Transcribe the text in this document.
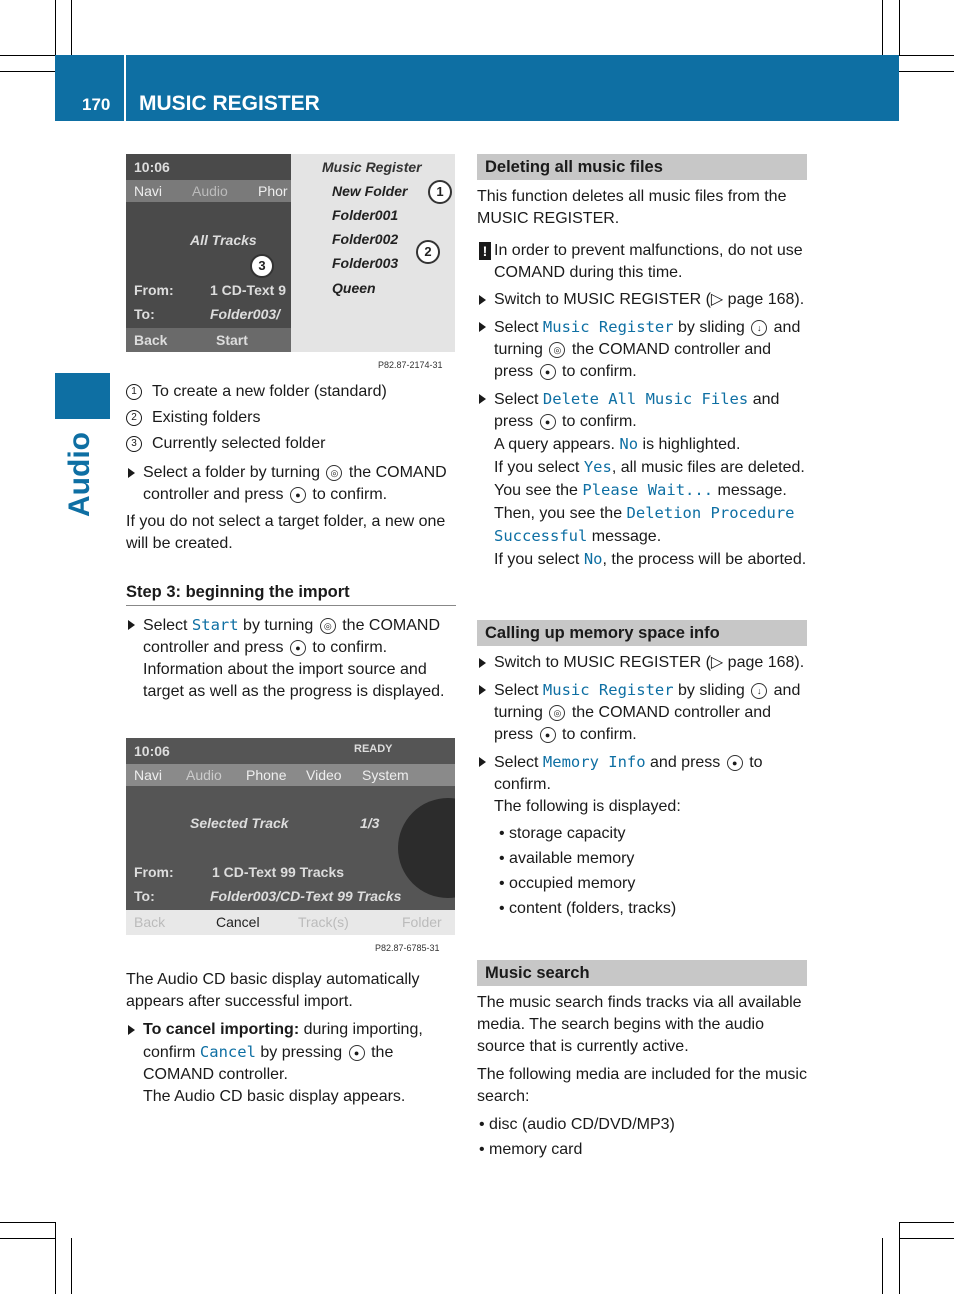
170 MUSIC REGISTER
Audio
10:06
Navi Audio Phor
All Tracks
From:	1 CD-Text 9
To:	Folder003/
Back	Start
Music Register
New Folder
Folder001
Folder002
Folder003
Queen
1
2
3
P82.87-2174-31
1 To create a new folder (standard)
2 Existing folders
3 Currently selected folder
Select a folder by turning ◎ the COMAND controller and press ● to confirm.

If you do not select a target folder, a new one will be created.

Step 3: beginning the import
Select Start by turning ◎ the COMAND controller and press ● to confirm.
Information about the import source and target as well as the progress is displayed.
10:06	READY
Navi Audio Phone Video System
Selected Track	1/3
From:	1 CD-Text 99 Tracks
To:	Folder003/CD-Text 99 Tracks
Back	Cancel	Track(s)	Folder
P82.87-6785-31

The Audio CD basic display automatically appears after successful import.

To cancel importing: during importing, confirm Cancel by pressing ● the COMAND controller.
The Audio CD basic display appears.
Deleting all music files

This function deletes all music files from the MUSIC REGISTER.

! In order to prevent malfunctions, do not use COMAND during this time.
Switch to MUSIC REGISTER (▷ page 168).
Select Music Register by sliding ↓ and turning ◎ the COMAND controller and press ● to confirm.
Select Delete All Music Files and press ● to confirm.
A query appears. No is highlighted.
If you select Yes, all music files are deleted. You see the Please Wait... message. Then, you see the Deletion Procedure Successful message.
If you select No, the process will be aborted.
Calling up memory space info
Switch to MUSIC REGISTER (▷ page 168).
Select Music Register by sliding ↓ and turning ◎ the COMAND controller and press ● to confirm.
Select Memory Info and press ● to confirm.
The following is displayed:
• storage capacity
• available memory
• occupied memory
• content (folders, tracks)
Music search

The music search finds tracks via all available media. The search begins with the audio source that is currently active.

The following media are included for the music search:

• disc (audio CD/DVD/MP3)
• memory card
